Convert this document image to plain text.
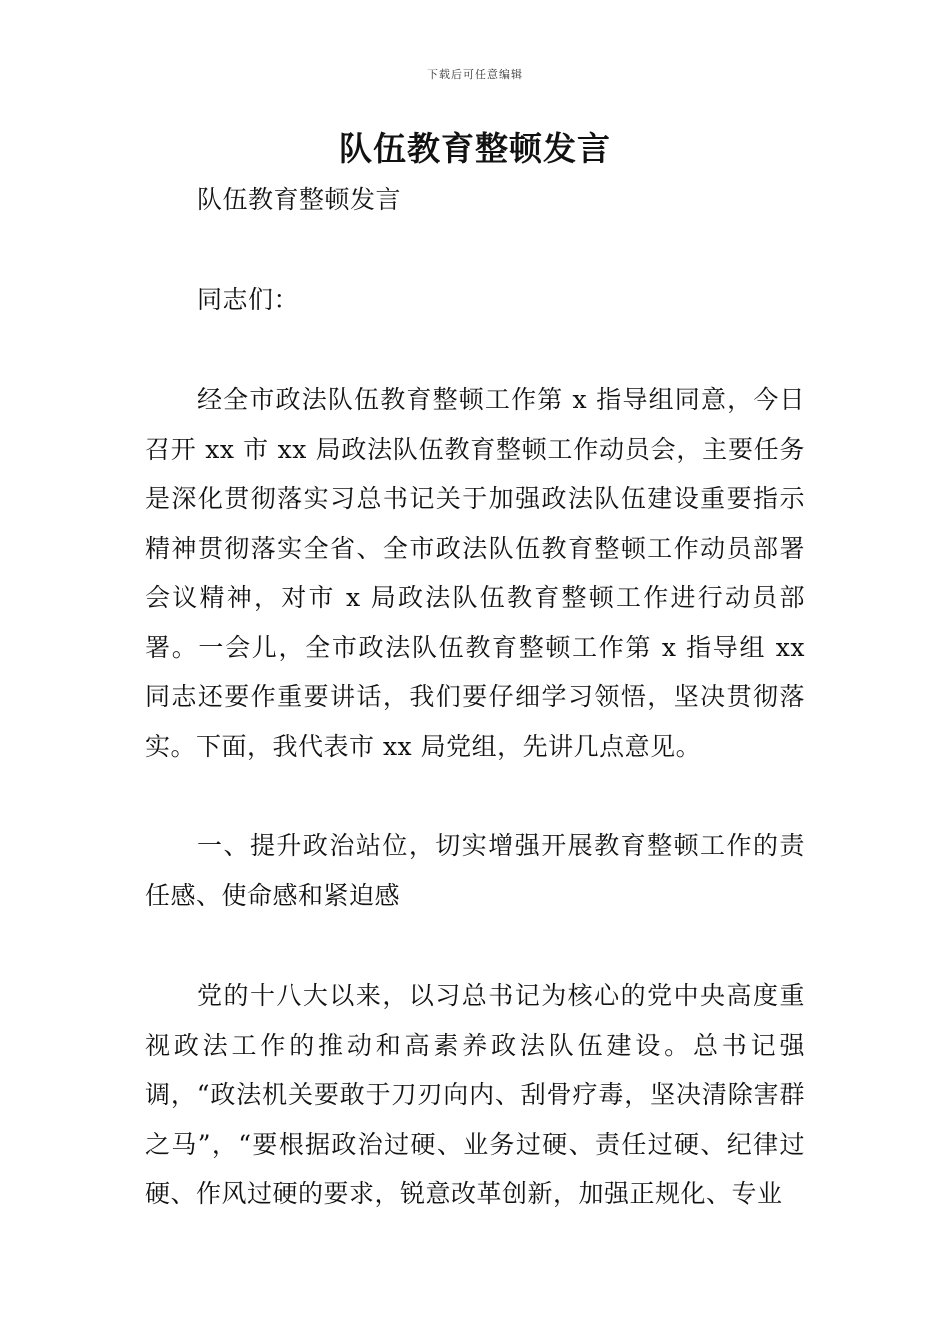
下载后可任意编辑
队伍教育整顿发言

队伍教育整顿发言

同志们：

经全市政法队伍教育整顿工作第 x 指导组同意，今日召开 xx 市 xx 局政法队伍教育整顿工作动员会，主要任务是深化贯彻落实习总书记关于加强政法队伍建设重要指示精神贯彻落实全省、全市政法队伍教育整顿工作动员部署会议精神，对市 x 局政法队伍教育整顿工作进行动员部署。一会儿，全市政法队伍教育整顿工作第 x 指导组 xx 同志还要作重要讲话，我们要仔细学习领悟，坚决贯彻落实。下面，我代表市 xx 局党组，先讲几点意见。

一、提升政治站位，切实增强开展教育整顿工作的责任感、使命感和紧迫感

党的十八大以来，以习总书记为核心的党中央高度重视政法工作的推动和高素养政法队伍建设。总书记强调，“政法机关要敢于刀刃向内、刮骨疗毒，坚决清除害群之马”，“要根据政治过硬、业务过硬、责任过硬、纪律过硬、作风过硬的要求，锐意改革创新，加强正规化、专业
